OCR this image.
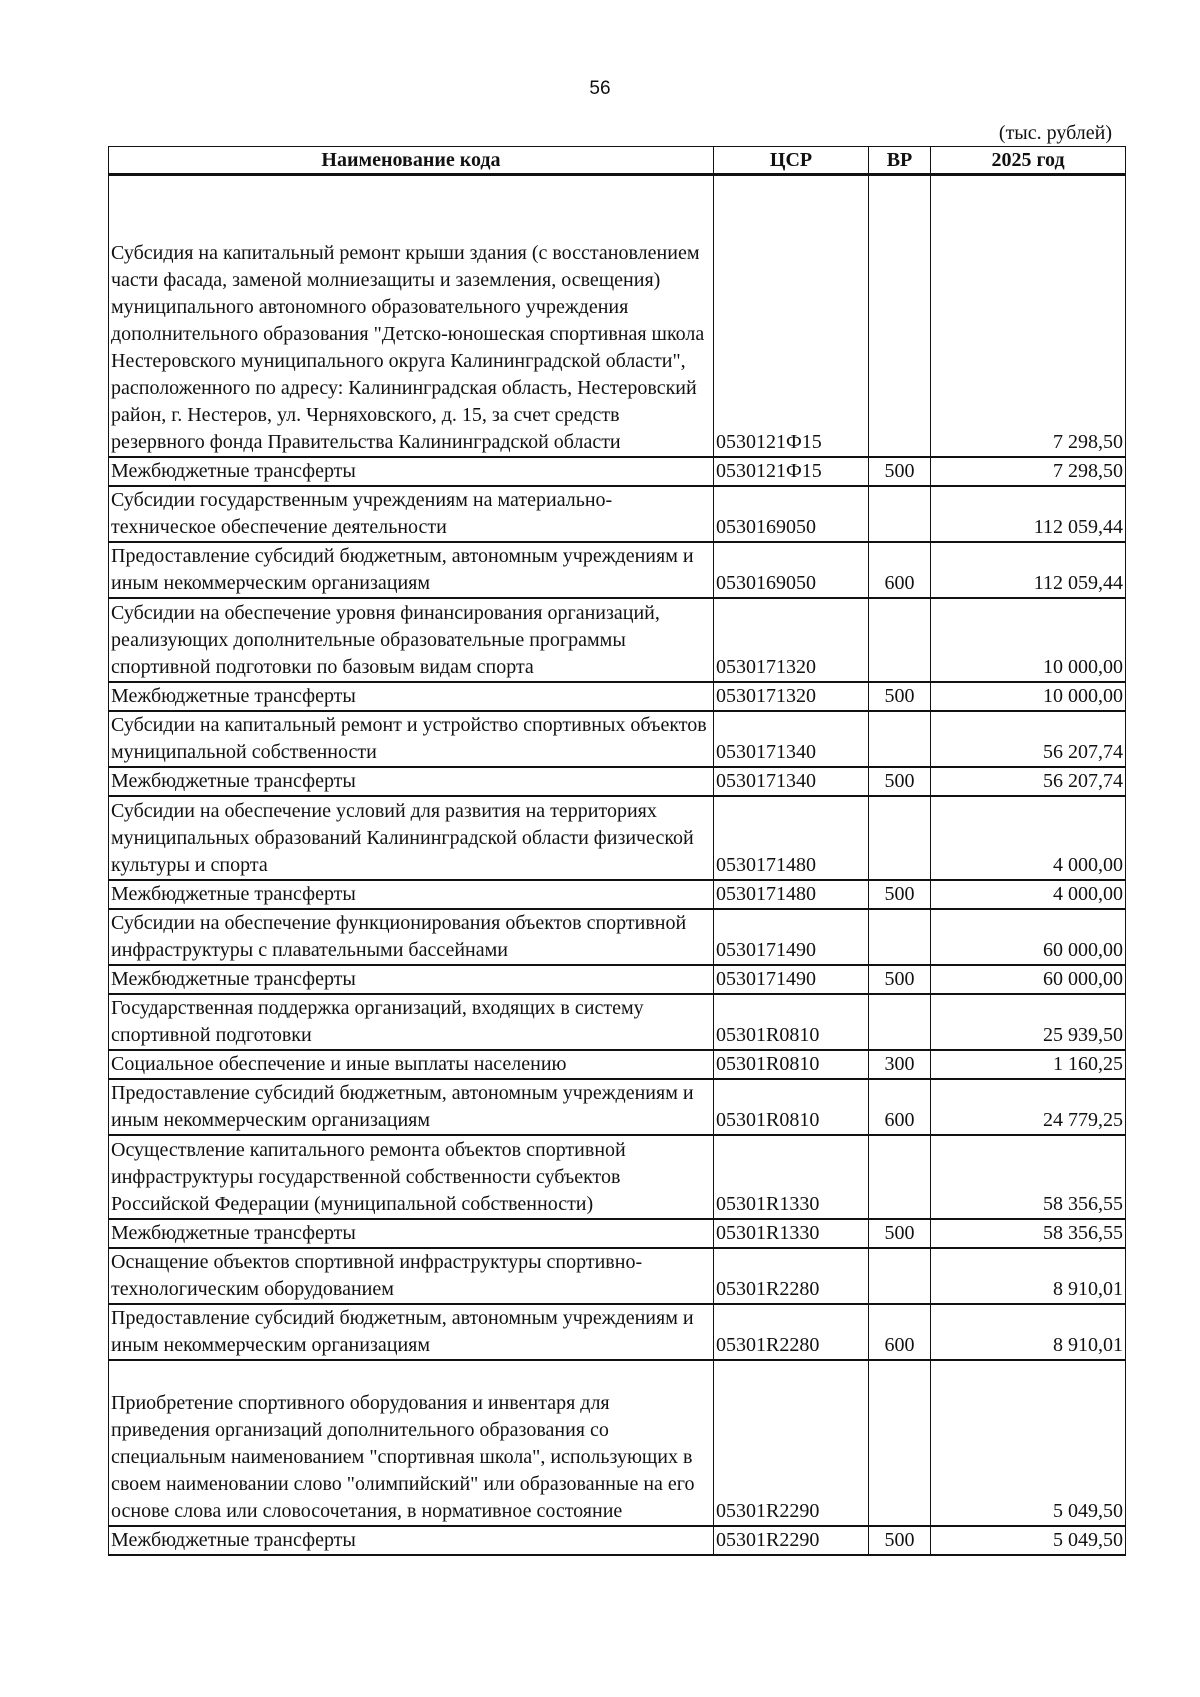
56
(тыс. рублей)
Наименование кода	ЦСР	ВР	2025 год
Субсидия на капитальный ремонт крыши здания (с восстановлением части фасада, заменой молниезащиты и заземления, освещения) муниципального автономного образовательного учреждения дополнительного образования "Детско-юношеская спортивная школа Нестеровского муниципального округа Калининградской области", расположенного по адресу: Калининградская область, Нестеровский район, г. Нестеров, ул. Черняховского, д. 15, за счет средств резервного фонда Правительства Калининградской области	0530121Ф15		7 298,50
Межбюджетные трансферты	0530121Ф15	500	7 298,50
Субсидии государственным учреждениям на материально-техническое обеспечение деятельности	0530169050		112 059,44
Предоставление субсидий бюджетным, автономным учреждениям и иным некоммерческим организациям	0530169050	600	112 059,44
Субсидии на обеспечение уровня финансирования организаций, реализующих дополнительные образовательные программы спортивной подготовки по базовым видам спорта	0530171320		10 000,00
Межбюджетные трансферты	0530171320	500	10 000,00
Субсидии на капитальный ремонт и устройство спортивных объектов муниципальной собственности	0530171340		56 207,74
Межбюджетные трансферты	0530171340	500	56 207,74
Субсидии на обеспечение условий для развития на территориях муниципальных образований Калининградской области физической культуры и спорта	0530171480		4 000,00
Межбюджетные трансферты	0530171480	500	4 000,00
Субсидии на обеспечение функционирования объектов спортивной инфраструктуры с плавательными бассейнами	0530171490		60 000,00
Межбюджетные трансферты	0530171490	500	60 000,00
Государственная поддержка организаций, входящих в систему спортивной подготовки	05301R0810		25 939,50
Социальное обеспечение и иные выплаты населению	05301R0810	300	1 160,25
Предоставление субсидий бюджетным, автономным учреждениям и иным некоммерческим организациям	05301R0810	600	24 779,25
Осуществление капитального ремонта объектов спортивной инфраструктуры государственной собственности субъектов Российской Федерации (муниципальной собственности)	05301R1330		58 356,55
Межбюджетные трансферты	05301R1330	500	58 356,55
Оснащение объектов спортивной инфраструктуры спортивно-технологическим оборудованием	05301R2280		8 910,01
Предоставление субсидий бюджетным, автономным учреждениям и иным некоммерческим организациям	05301R2280	600	8 910,01
Приобретение спортивного оборудования и инвентаря для приведения организаций дополнительного образования со специальным наименованием "спортивная школа", использующих в своем наименовании слово "олимпийский" или образованные на его основе слова или словосочетания, в нормативное состояние	05301R2290		5 049,50
Межбюджетные трансферты	05301R2290	500	5 049,50
